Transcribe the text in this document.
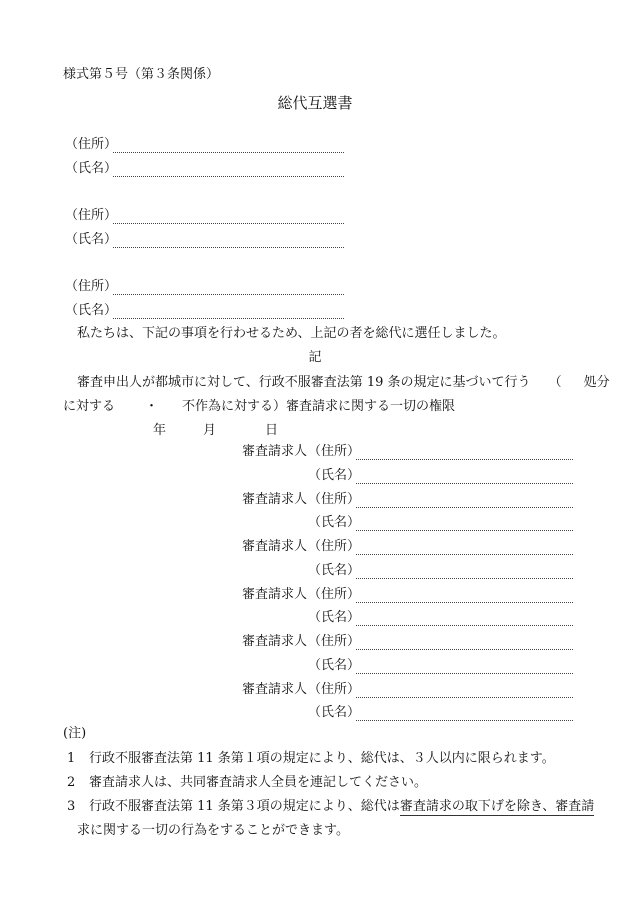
様式第５号（第３条関係）
総代互選書
（住所）
（氏名）
（住所）
（氏名）
（住所）
（氏名）
私たちは、下記の事項を行わせるため、上記の者を総代に選任しました。
記
審査申出人が都城市に対して、行政不服審査法第 19 条の規定に基づいて行う （ 処分
に対する ・ 不作為に対する）審査請求に関する一切の権限
年	月	日
審査請求人 （住所）
（氏名）
審査請求人 （住所）
（氏名）
審査請求人 （住所）
（氏名）
審査請求人 （住所）
（氏名）
審査請求人 （住所）
（氏名）
審査請求人 （住所）
（氏名）
(注)
1 行政不服審査法第 11 条第１項の規定により、総代は、３人以内に限られます。
2 審査請求人は、共同審査請求人全員を連記してください。
3 行政不服審査法第 11 条第３項の規定により、総代は審査請求の取下げを除き、審査請
求に関する一切の行為をすることができます。
